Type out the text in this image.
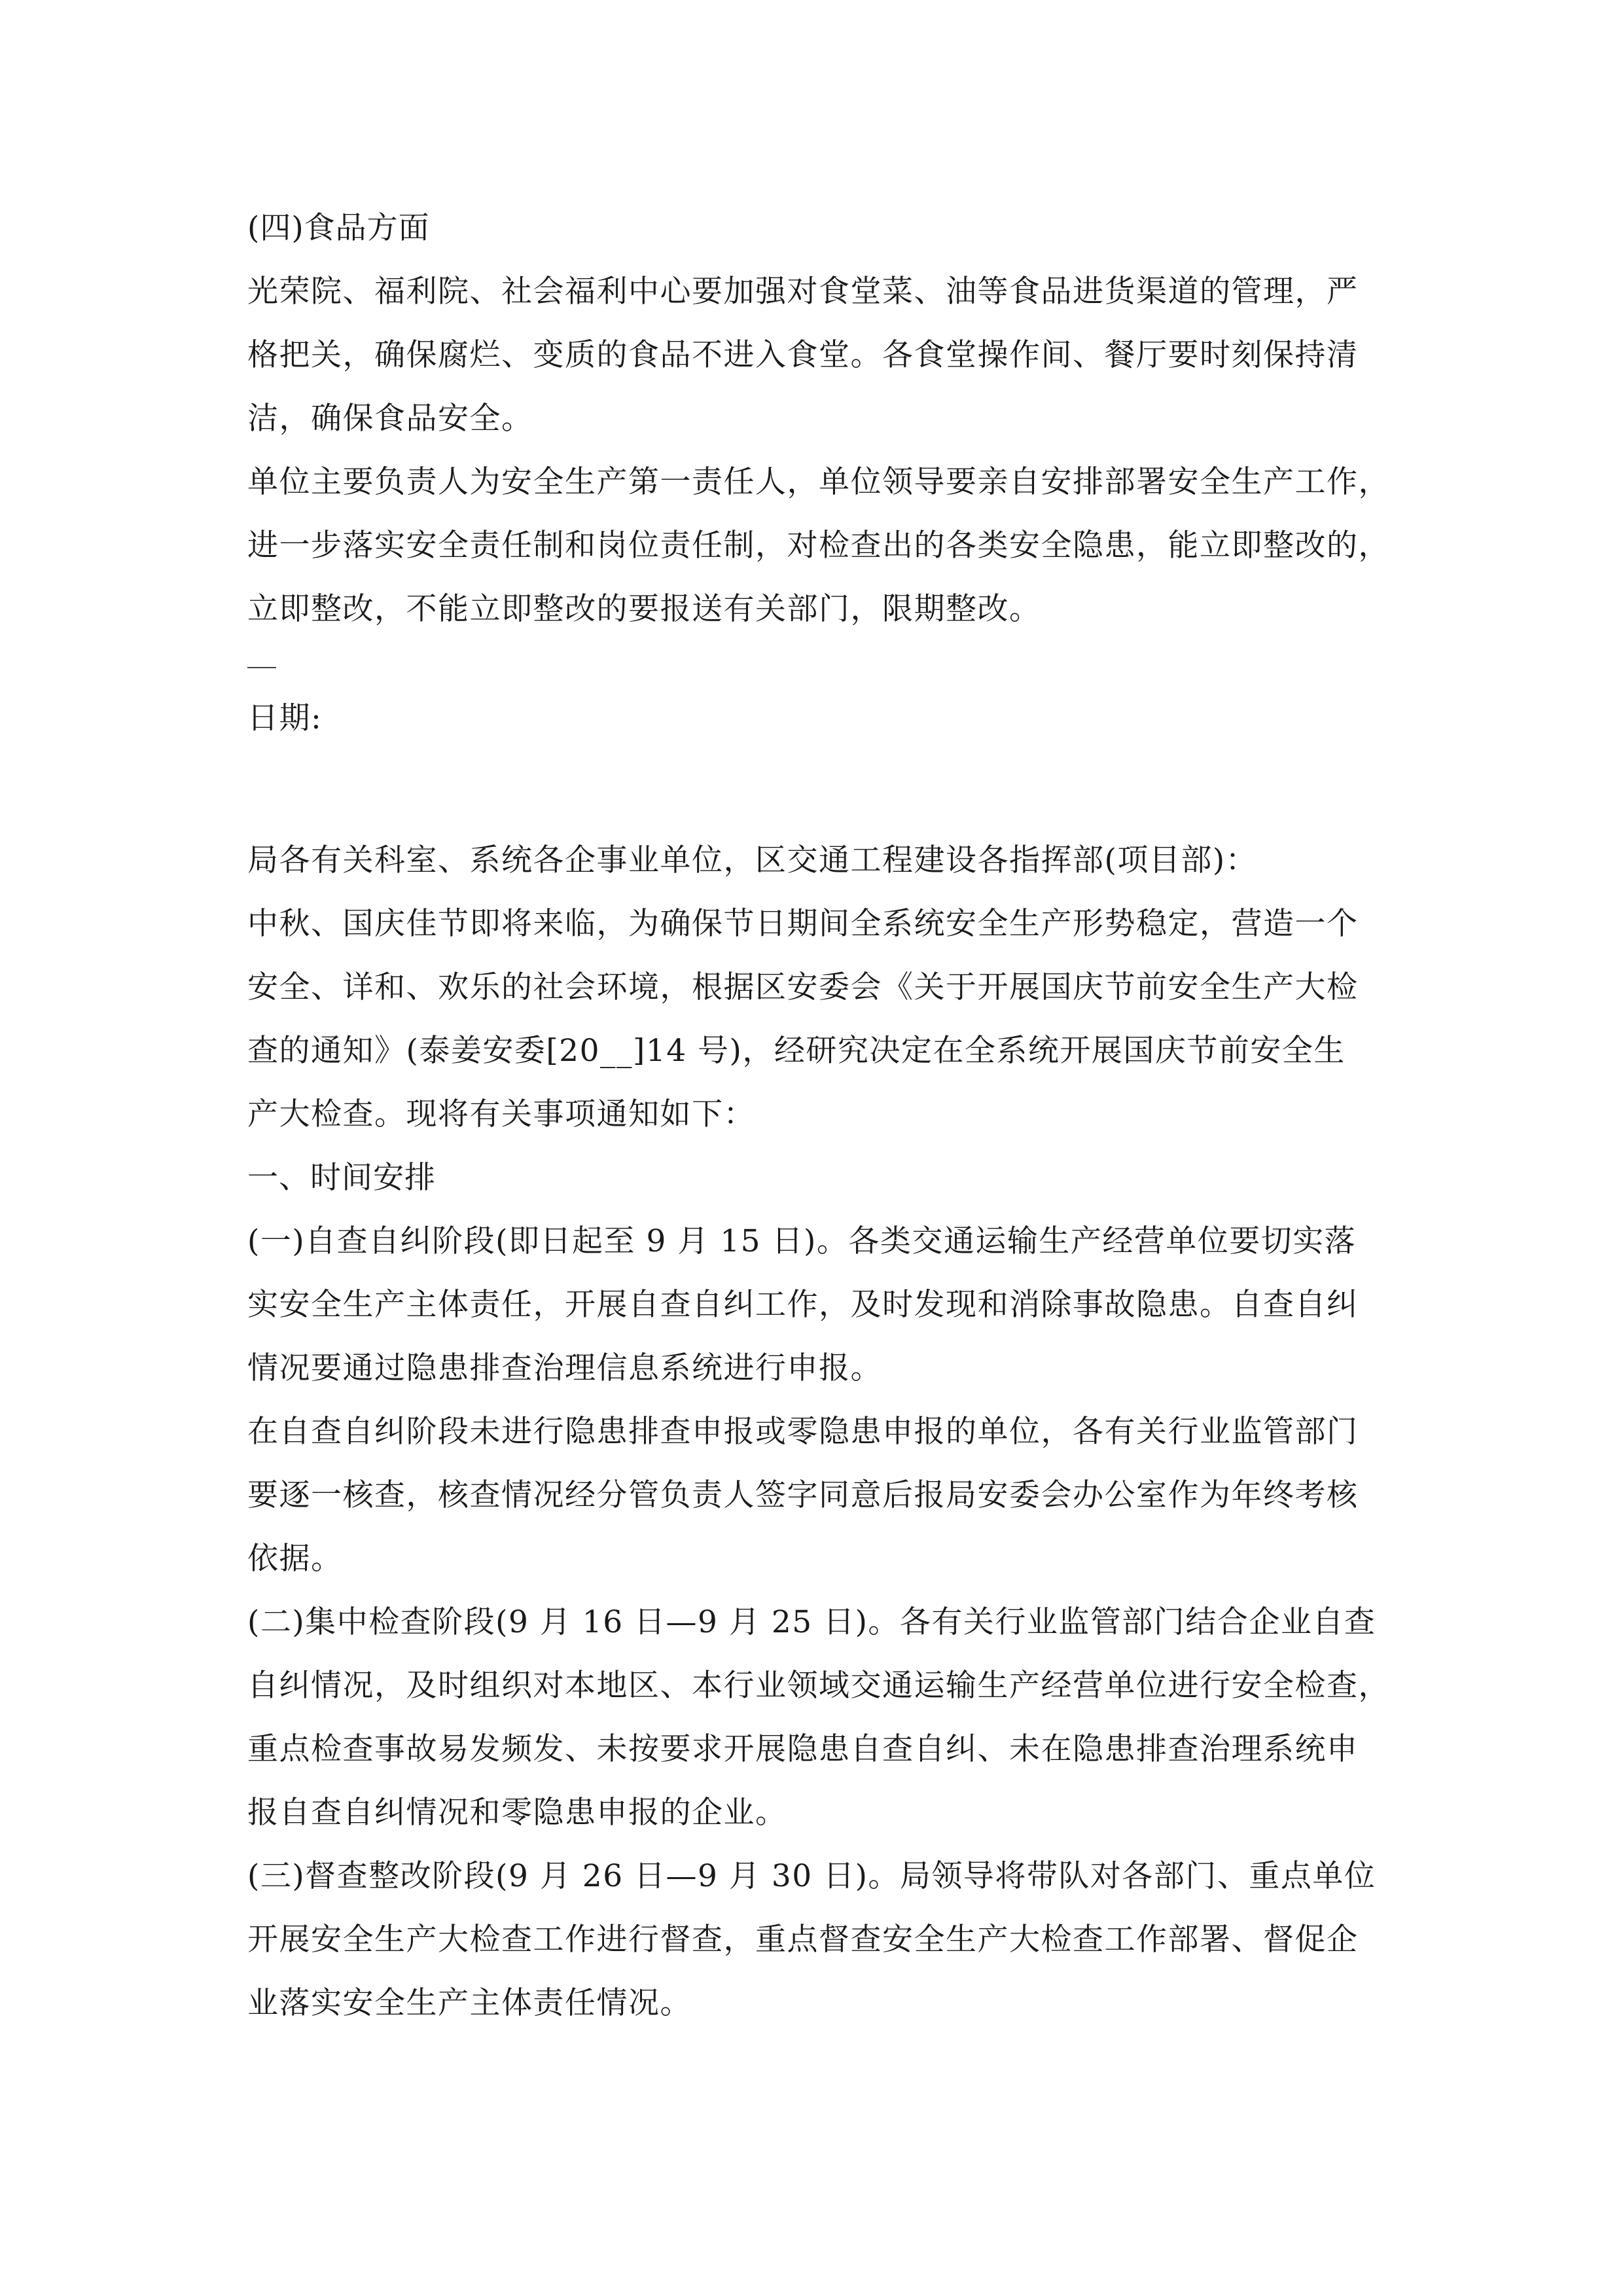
(四)食品方面
光荣院、福利院、社会福利中心要加强对食堂菜、油等食品进货渠道的管理，严
格把关，确保腐烂、变质的食品不进入食堂。各食堂操作间、餐厅要时刻保持清
洁，确保食品安全。
单位主要负责人为安全生产第一责任人，单位领导要亲自安排部署安全生产工作，
进一步落实安全责任制和岗位责任制，对检查出的各类安全隐患，能立即整改的，
立即整改，不能立即整改的要报送有关部门，限期整改。
日期:
局各有关科室、系统各企事业单位，区交通工程建设各指挥部(项目部)：
中秋、国庆佳节即将来临，为确保节日期间全系统安全生产形势稳定，营造一个
安全、详和、欢乐的社会环境，根据区安委会《关于开展国庆节前安全生产大检
查的通知》(泰姜安委[20__]14 号)，经研究决定在全系统开展国庆节前安全生
产大检查。现将有关事项通知如下：
一、时间安排
(一)自查自纠阶段(即日起至 9 月 15 日)。各类交通运输生产经营单位要切实落
实安全生产主体责任，开展自查自纠工作，及时发现和消除事故隐患。自查自纠
情况要通过隐患排查治理信息系统进行申报。
在自查自纠阶段未进行隐患排查申报或零隐患申报的单位，各有关行业监管部门
要逐一核查，核查情况经分管负责人签字同意后报局安委会办公室作为年终考核
依据。
(二)集中检查阶段(9 月 16 日—9 月 25 日)。各有关行业监管部门结合企业自查
自纠情况，及时组织对本地区、本行业领域交通运输生产经营单位进行安全检查，
重点检查事故易发频发、未按要求开展隐患自查自纠、未在隐患排查治理系统申
报自查自纠情况和零隐患申报的企业。
(三)督查整改阶段(9 月 26 日—9 月 30 日)。局领导将带队对各部门、重点单位
开展安全生产大检查工作进行督查，重点督查安全生产大检查工作部署、督促企
业落实安全生产主体责任情况。
